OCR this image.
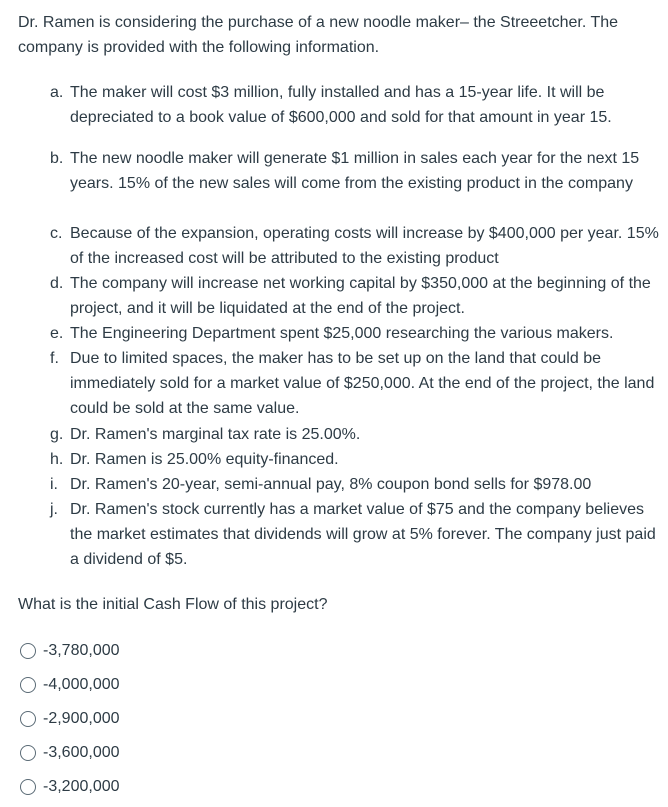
Dr. Ramen is considering the purchase of a new noodle maker– the Streeetcher. The company is provided with the following information.

a. The maker will cost $3 million, fully installed and has a 15-year life. It will be depreciated to a book value of $600,000 and sold for that amount in year 15.
b. The new noodle maker will generate $1 million in sales each year for the next 15 years. 15% of the new sales will come from the existing product in the company
c. Because of the expansion, operating costs will increase by $400,000 per year. 15% of the increased cost will be attributed to the existing product
d. The company will increase net working capital by $350,000 at the beginning of the project, and it will be liquidated at the end of the project.
e. The Engineering Department spent $25,000 researching the various makers.
f. Due to limited spaces, the maker has to be set up on the land that could be immediately sold for a market value of $250,000. At the end of the project, the land could be sold at the same value.
g. Dr. Ramen's marginal tax rate is 25.00%.
h. Dr. Ramen is 25.00% equity-financed.
i. Dr. Ramen's 20-year, semi-annual pay, 8% coupon bond sells for $978.00
j. Dr. Ramen's stock currently has a market value of $75 and the company believes the market estimates that dividends will grow at 5% forever. The company just paid a dividend of $5.

What is the initial Cash Flow of this project?

-3,780,000
-4,000,000
-2,900,000
-3,600,000
-3,200,000
